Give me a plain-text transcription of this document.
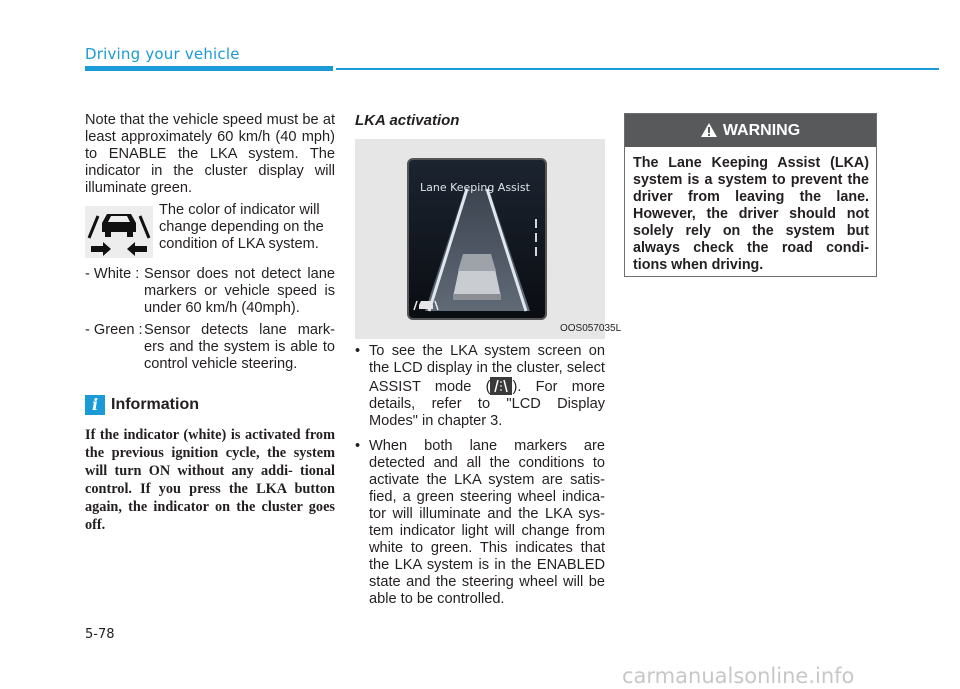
Driving your vehicle

Note that the vehicle speed must be at least approximately 60 km/h (40 mph) to ENABLE the LKA system. The indicator in the cluster display will illuminate green.

The color of indicator will change depending on the condition of LKA system.
- White : Sensor does not detect lane markers or vehicle speed is under 60 km/h (40mph).
- Green : Sensor detects lane mark- ers and the system is able to control vehicle steering.
i Information
If the indicator (white) is activated from the previous ignition cycle, the system will turn ON without any addi- tional control. If you press the LKA button again, the indicator on the cluster goes off.

LKA activation

Lane Keeping Assist
OOS057035L
• To see the LKA system screen on the LCD display in the cluster, select ASSIST mode ( ). For more details, refer to "LCD Display Modes" in chapter 3.
• When both lane markers are detected and all the conditions to activate the LKA system are satis- fied, a green steering wheel indica- tor will illuminate and the LKA sys- tem indicator light will change from white to green. This indicates that the LKA system is in the ENABLED state and the steering wheel will be able to be controlled.
WARNING
The Lane Keeping Assist (LKA) system is a system to prevent the driver from leaving the lane. However, the driver should not solely rely on the system but always check the road condi- tions when driving.
5-78
carmanualsonline.info
